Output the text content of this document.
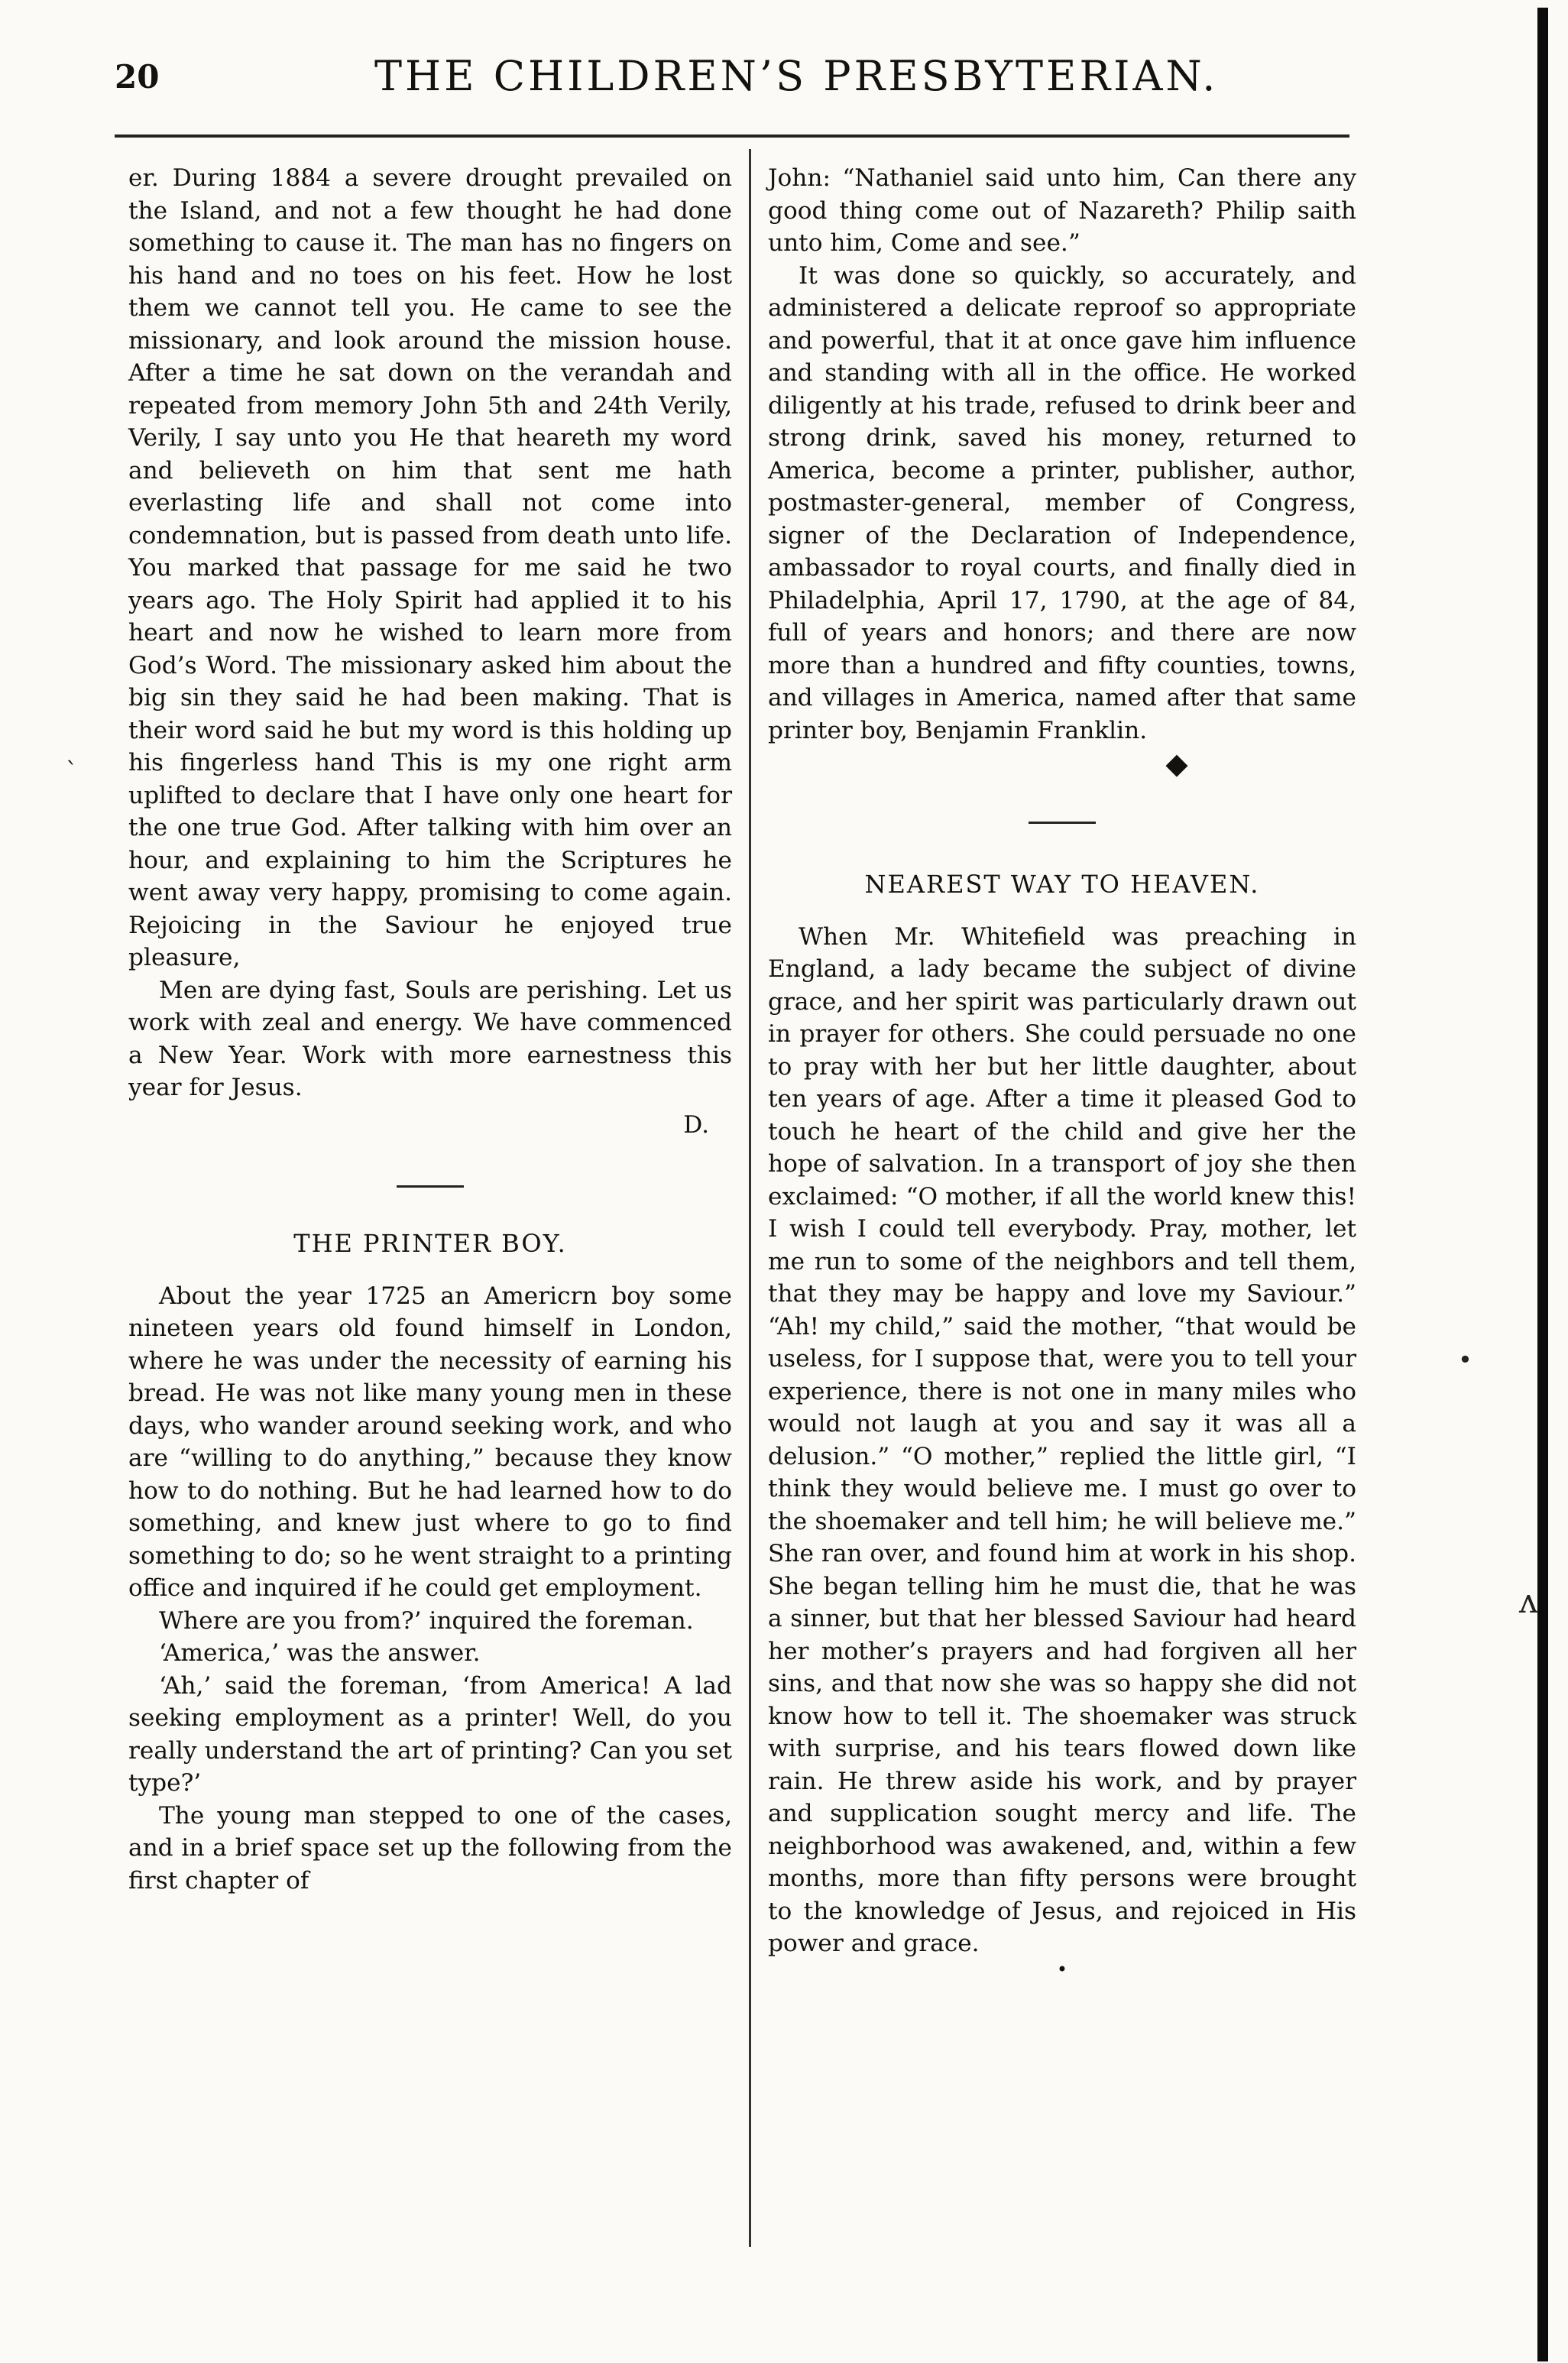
20	THE CHILDREN’S PRESBYTERIAN.
`
•
ᴧ

er. During 1884 a severe drought prevailed on the Island, and not a few thought he had done something to cause it. The man has no fingers on his hand and no toes on his feet. How he lost them we cannot tell you. He came to see the missionary, and look around the mission house. After a time he sat down on the verandah and repeated from memory John 5th and 24th Verily, Verily, I say unto you He that heareth my word and believeth on him that sent me hath everlasting life and shall not come into condemnation, but is passed from death unto life. You marked that passage for me said he two years ago. The Holy Spirit had applied it to his heart and now he wished to learn more from God’s Word. The missionary asked him about the big sin they said he had been making. That is their word said he but my word is this holding up his fingerless hand This is my one right arm uplifted to declare that I have only one heart for the one true God. After talking with him over an hour, and explaining to him the Scriptures he went away very happy, promising to come again. Rejoicing in the Saviour he enjoyed true pleasure,

Men are dying fast, Souls are perishing. Let us work with zeal and energy. We have commenced a New Year. Work with more earnestness this year for Jesus.

D.

THE PRINTER BOY.

About the year 1725 an Americrn boy some nineteen years old found himself in London, where he was under the necessity of earning his bread. He was not like many young men in these days, who wander around seeking work, and who are “willing to do anything,” because they know how to do nothing. But he had learned how to do something, and knew just where to go to find something to do; so he went straight to a printing office and inquired if he could get employment.

Where are you from?’ inquired the foreman.

‘America,’ was the answer.

‘Ah,’ said the foreman, ‘from America! A lad seeking employment as a printer! Well, do you really understand the art of printing? Can you set type?’

The young man stepped to one of the cases, and in a brief space set up the following from the first chapter of

John: “Nathaniel said unto him, Can there any good thing come out of Nazareth? Philip saith unto him, Come and see.”

It was done so quickly, so accurately, and administered a delicate reproof so appropriate and powerful, that it at once gave him influence and standing with all in the office. He worked diligently at his trade, refused to drink beer and strong drink, saved his money, returned to America, become a printer, publisher, author, postmaster-general, member of Congress, signer of the Declaration of Independence, ambassador to royal courts, and finally died in Philadelphia, April 17, 1790, at the age of 84, full of years and honors; and there are now more than a hundred and fifty counties, towns, and villages in America, named after that same printer boy, Benjamin Franklin.

◆
NEAREST WAY TO HEAVEN.

When Mr. Whitefield was preaching in England, a lady became the subject of divine grace, and her spirit was particularly drawn out in prayer for others. She could persuade no one to pray with her but her little daughter, about ten years of age. After a time it pleased God to touch he heart of the child and give her the hope of salvation. In a transport of joy she then exclaimed: “O mother, if all the world knew this! I wish I could tell everybody. Pray, mother, let me run to some of the neighbors and tell them, that they may be happy and love my Saviour.” “Ah! my child,” said the mother, “that would be useless, for I suppose that, were you to tell your experience, there is not one in many miles who would not laugh at you and say it was all a delusion.” “O mother,” replied the little girl, “I think they would believe me. I must go over to the shoemaker and tell him; he will believe me.” She ran over, and found him at work in his shop. She began telling him he must die, that he was a sinner, but that her blessed Saviour had heard her mother’s prayers and had forgiven all her sins, and that now she was so happy she did not know how to tell it. The shoemaker was struck with surprise, and his tears flowed down like rain. He threw aside his work, and by prayer and supplication sought mercy and life. The neighborhood was awakened, and, within a few months, more than fifty persons were brought to the knowledge of Jesus, and rejoiced in His power and grace.

•
